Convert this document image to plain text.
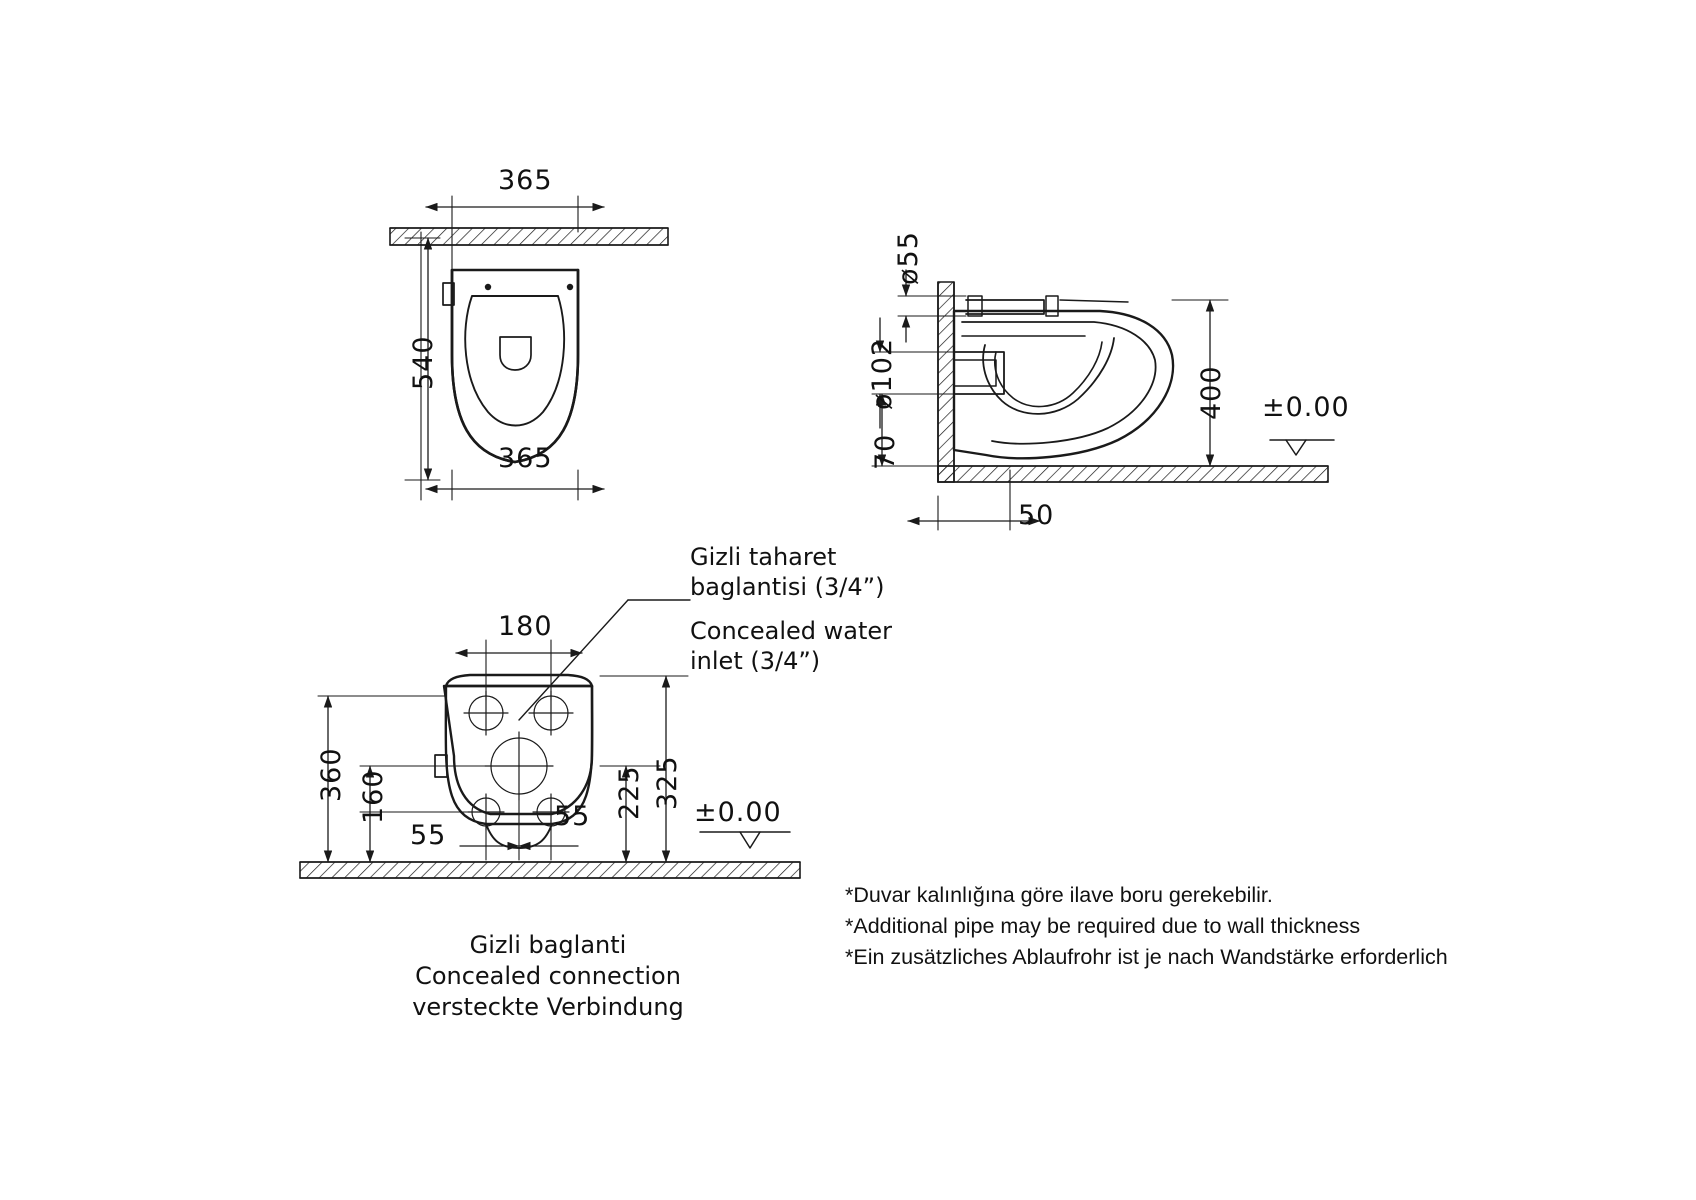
365
365
540
ø55
ø102
70
400
50
±0.00
180
360 160
55
55 225 325
±0.00
Gizli taharet
baglantisi (3/4”)
Concealed water
inlet (3/4”)
Gizli baglanti
Concealed connection
versteckte Verbindung
*Duvar kalınlığına göre ilave boru gerekebilir.
*Additional pipe may be required due to wall thickness
*Ein zusätzliches Ablaufrohr ist je nach Wandstärke erforderlich
